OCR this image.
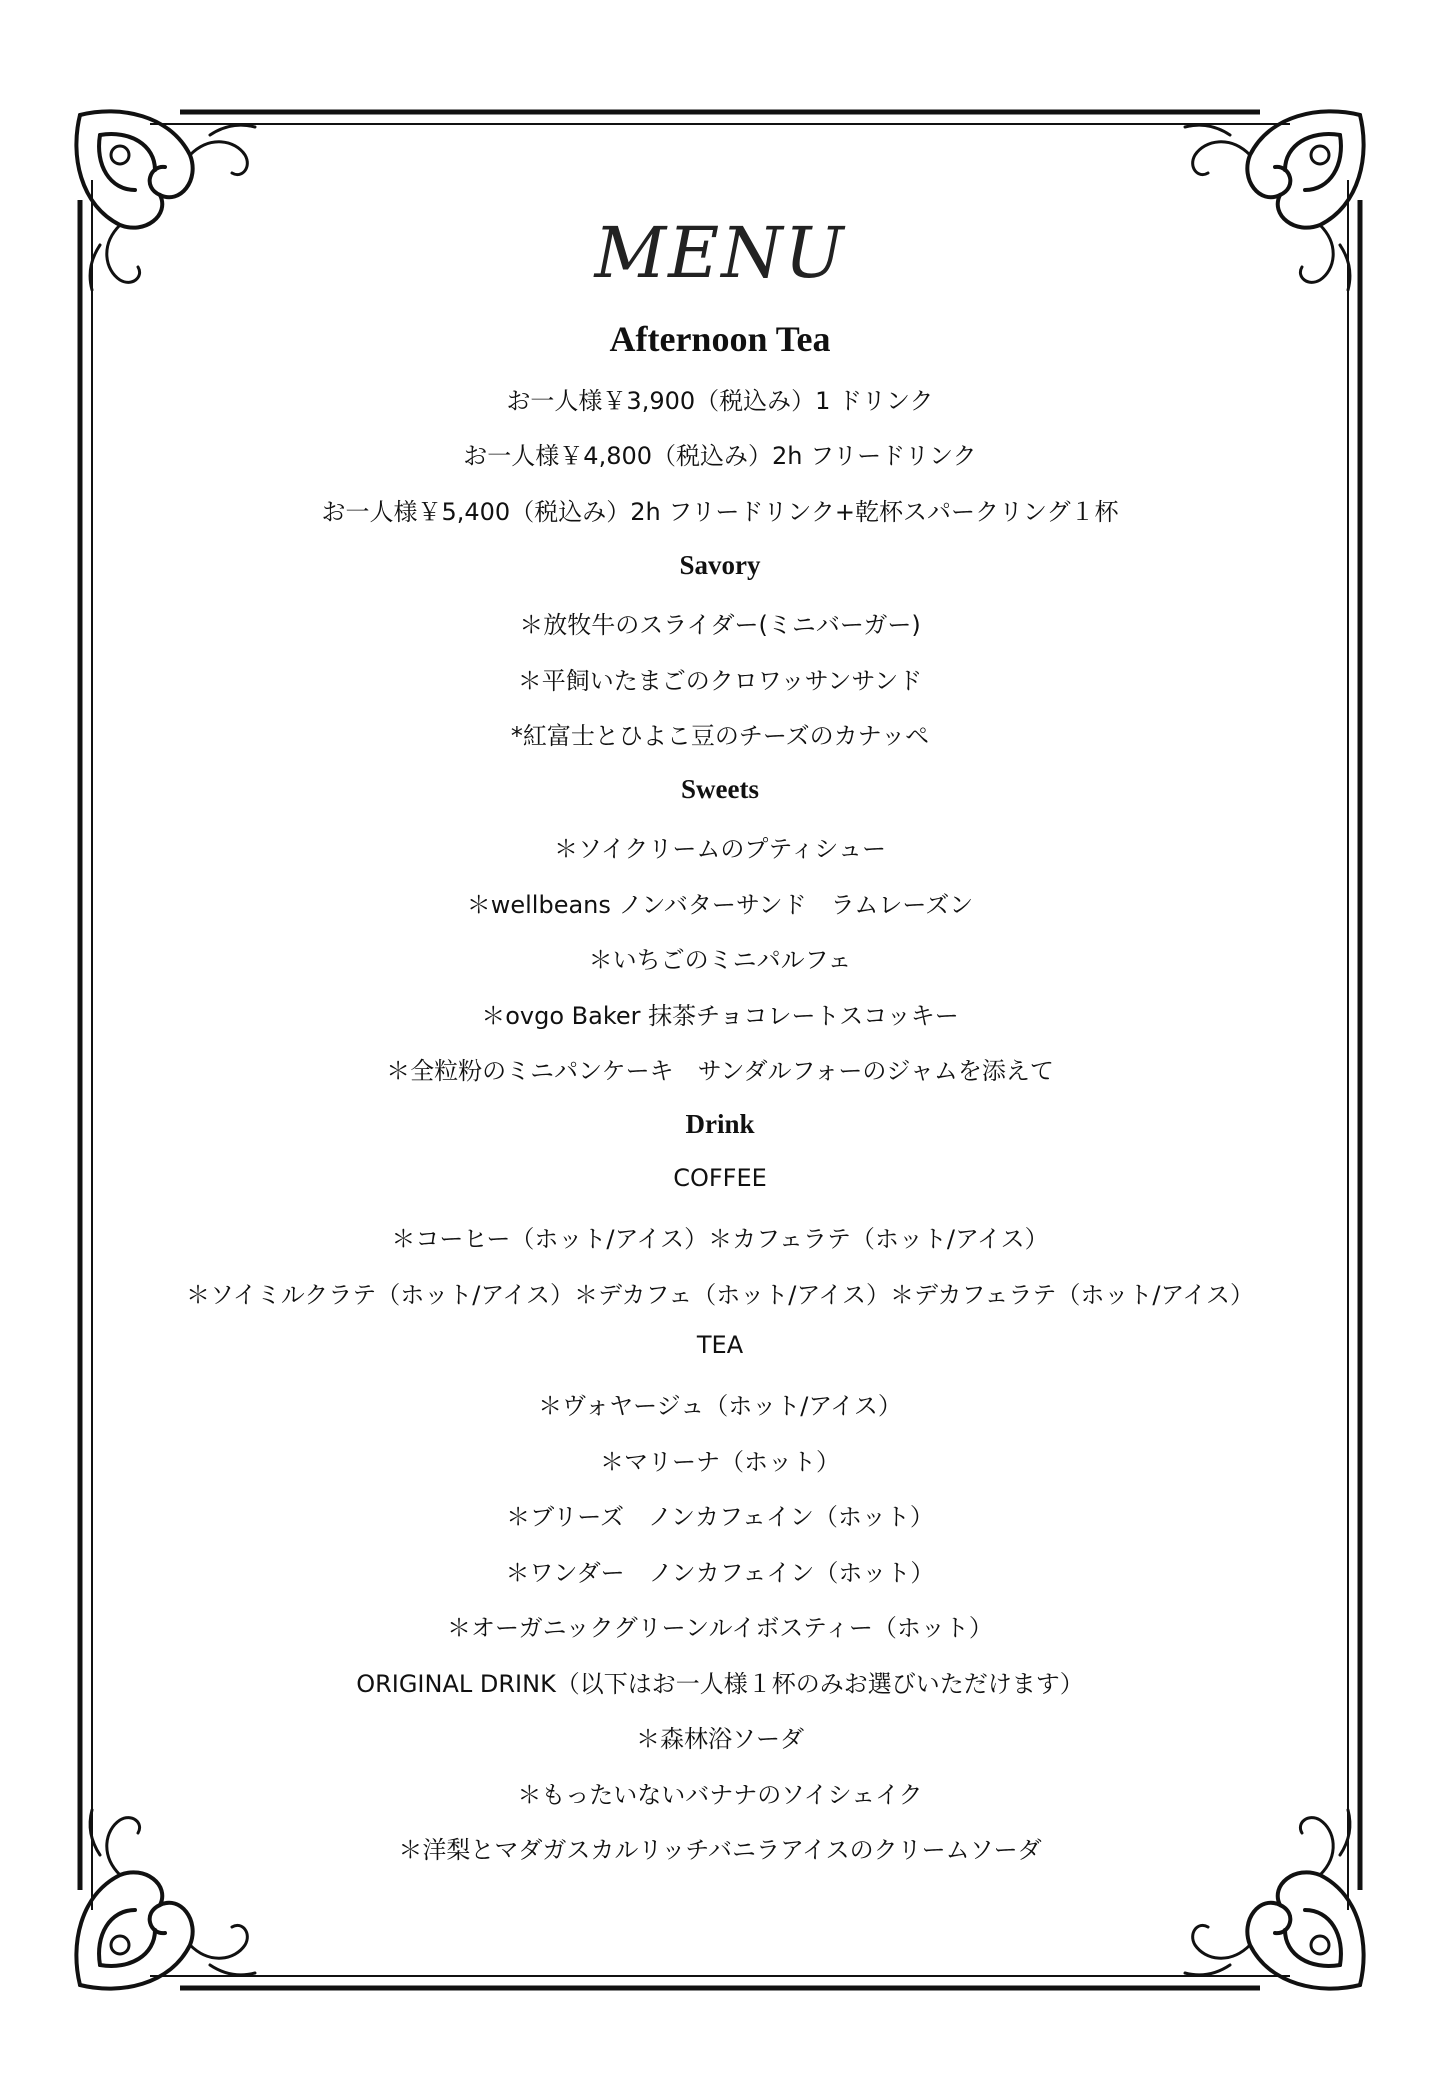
MENU
Afternoon Tea
お一人様￥3,900（税込み）1 ドリンク
お一人様￥4,800（税込み）2h フリードリンク
お一人様￥5,400（税込み）2h フリードリンク+乾杯スパークリング１杯
Savory
＊放牧牛のスライダー(ミニバーガー)
＊平飼いたまごのクロワッサンサンド
*紅富士とひよこ豆のチーズのカナッペ
Sweets
＊ソイクリームのプティシュー
＊wellbeans ノンバターサンド　ラムレーズン
＊いちごのミニパルフェ
＊ovgo Baker 抹茶チョコレートスコッキー
＊全粒粉のミニパンケーキ　サンダルフォーのジャムを添えて
Drink
COFFEE
＊コーヒー（ホット/アイス）＊カフェラテ（ホット/アイス）
＊ソイミルクラテ（ホット/アイス）＊デカフェ（ホット/アイス）＊デカフェラテ（ホット/アイス）
TEA
＊ヴォヤージュ（ホット/アイス）
＊マリーナ（ホット）
＊ブリーズ　ノンカフェイン（ホット）
＊ワンダー　ノンカフェイン（ホット）
＊オーガニックグリーンルイボスティー（ホット）
ORIGINAL DRINK（以下はお一人様１杯のみお選びいただけます）
＊森林浴ソーダ
＊もったいないバナナのソイシェイク
＊洋梨とマダガスカルリッチバニラアイスのクリームソーダ
